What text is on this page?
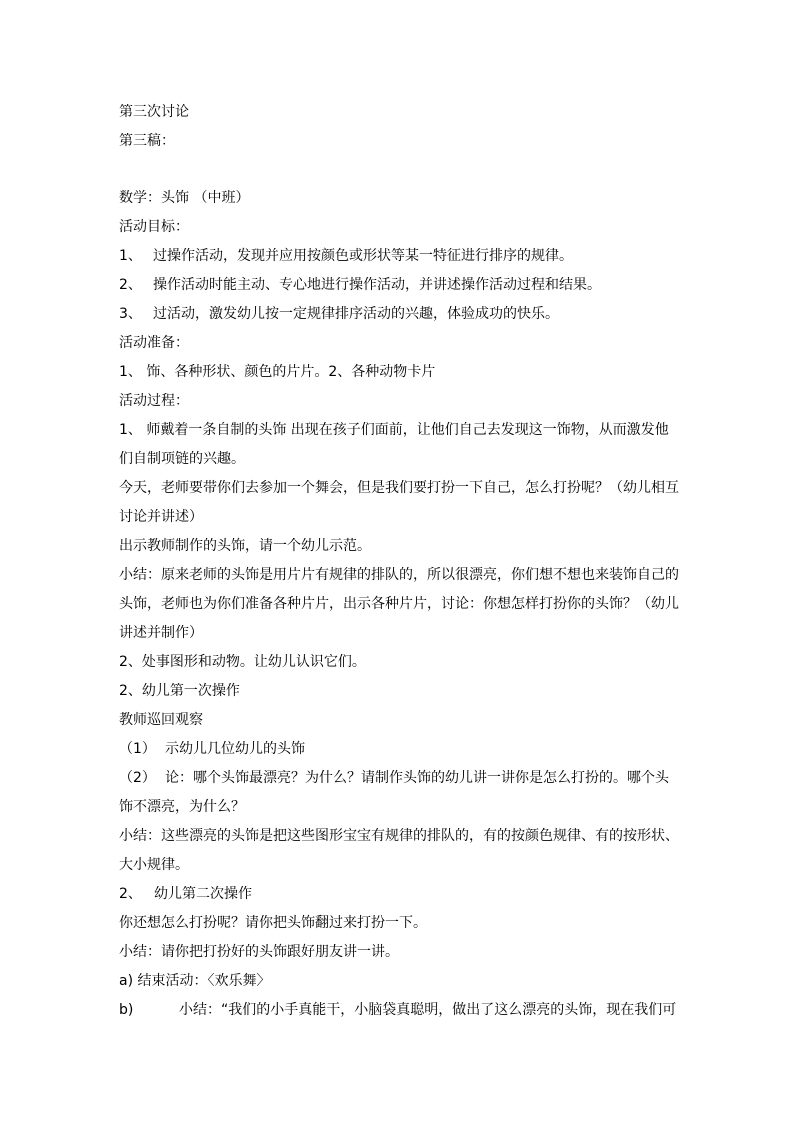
第三次讨论
第三稿：
数学：头饰 （中班）
活动目标：
1、 过操作活动，发现并应用按颜色或形状等某一特征进行排序的规律。
2、 操作活动时能主动、专心地进行操作活动，并讲述操作活动过程和结果。
3、 过活动，激发幼儿按一定规律排序活动的兴趣，体验成功的快乐。
活动准备：
1、 饰、各种形状、颜色的片片。2、各种动物卡片
活动过程：
1、 师戴着一条自制的头饰 出现在孩子们面前，让他们自己去发现这一饰物，从而激发他
们自制项链的兴趣。
今天，老师要带你们去参加一个舞会，但是我们要打扮一下自己，怎么打扮呢？（幼儿相互
讨论并讲述）
出示教师制作的头饰，请一个幼儿示范。
小结：原来老师的头饰是用片片有规律的排队的，所以很漂亮，你们想不想也来装饰自己的
头饰，老师也为你们准备各种片片，出示各种片片，讨论：你想怎样打扮你的头饰？（幼儿
讲述并制作）
2、处事图形和动物。让幼儿认识它们。
2、幼儿第一次操作
教师巡回观察
（1） 示幼儿几位幼儿的头饰
（2） 论：哪个头饰最漂亮？为什么？请制作头饰的幼儿讲一讲你是怎么打扮的。哪个头
饰不漂亮，为什么？
小结：这些漂亮的头饰是把这些图形宝宝有规律的排队的，有的按颜色规律、有的按形状、
大小规律。
2、 幼儿第二次操作
你还想怎么打扮呢？请你把头饰翻过来打扮一下。
小结：请你把打扮好的头饰跟好朋友讲一讲。
a) 结束活动：〈欢乐舞〉
b)	小结：“我们的小手真能干，小脑袋真聪明，做出了这么漂亮的头饰，现在我们可
